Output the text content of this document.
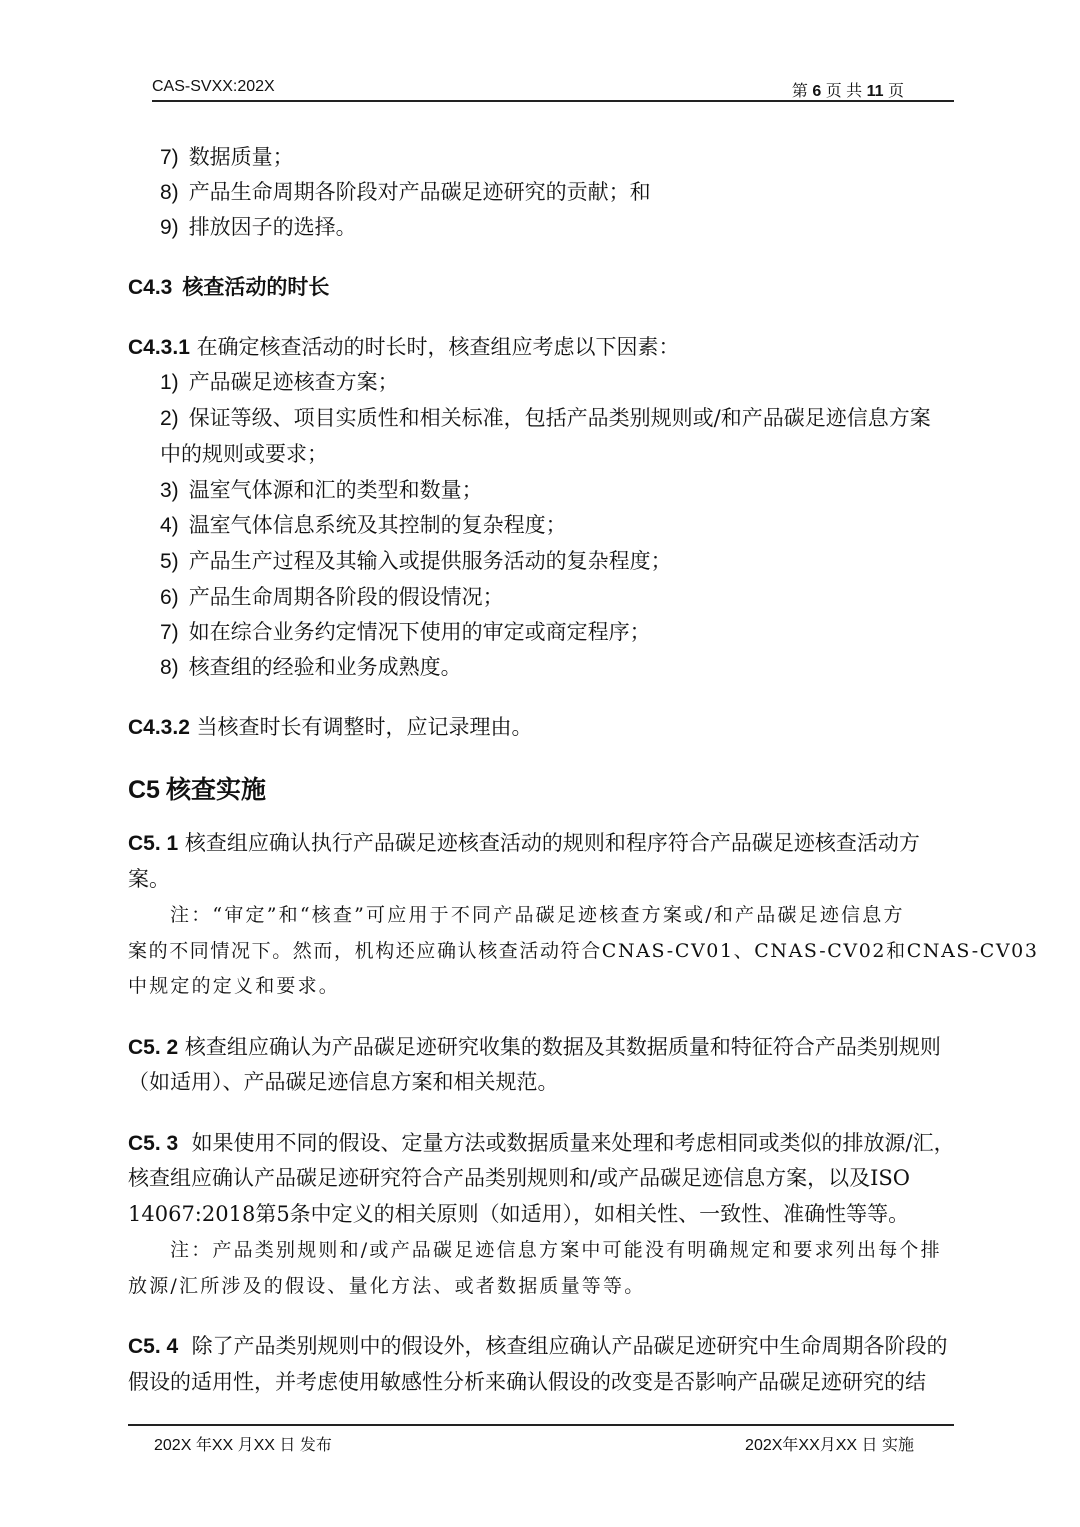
CAS-SVXX:202X	第 6 页 共 11 页
7) 数据质量；
8) 产品生命周期各阶段对产品碳足迹研究的贡献；和
9) 排放因子的选择。
C4.3 核查活动的时长
C4.3.1 在确定核查活动的时长时，核查组应考虑以下因素：
1) 产品碳足迹核查方案；
2) 保证等级、项目实质性和相关标准，包括产品类别规则或/和产品碳足迹信息方案
中的规则或要求；
3) 温室气体源和汇的类型和数量；
4) 温室气体信息系统及其控制的复杂程度；
5) 产品生产过程及其输入或提供服务活动的复杂程度；
6) 产品生命周期各阶段的假设情况；
7) 如在综合业务约定情况下使用的审定或商定程序；
8) 核查组的经验和业务成熟度。
C4.3.2 当核查时长有调整时，应记录理由。
C5 核查实施
C5. 1 核查组应确认执行产品碳足迹核查活动的规则和程序符合产品碳足迹核查活动方
案。
注：“审定”和“核查”可应用于不同产品碳足迹核查方案或/和产品碳足迹信息方
案的不同情况下。然而，机构还应确认核查活动符合CNAS-CV01、CNAS-CV02和CNAS-CV03
中规定的定义和要求。
C5. 2 核查组应确认为产品碳足迹研究收集的数据及其数据质量和特征符合产品类别规则
（如适用）、产品碳足迹信息方案和相关规范。
C5. 3 如果使用不同的假设、定量方法或数据质量来处理和考虑相同或类似的排放源/汇，
核查组应确认产品碳足迹研究符合产品类别规则和/或产品碳足迹信息方案，以及ISO
14067:2018第5条中定义的相关原则（如适用），如相关性、一致性、准确性等等。
注：产品类别规则和/或产品碳足迹信息方案中可能没有明确规定和要求列出每个排
放源/汇所涉及的假设、量化方法、或者数据质量等等。
C5. 4 除了产品类别规则中的假设外，核查组应确认产品碳足迹研究中生命周期各阶段的
假设的适用性，并考虑使用敏感性分析来确认假设的改变是否影响产品碳足迹研究的结
202X 年XX 月XX 日 发布	202X年XX月XX 日 实施
